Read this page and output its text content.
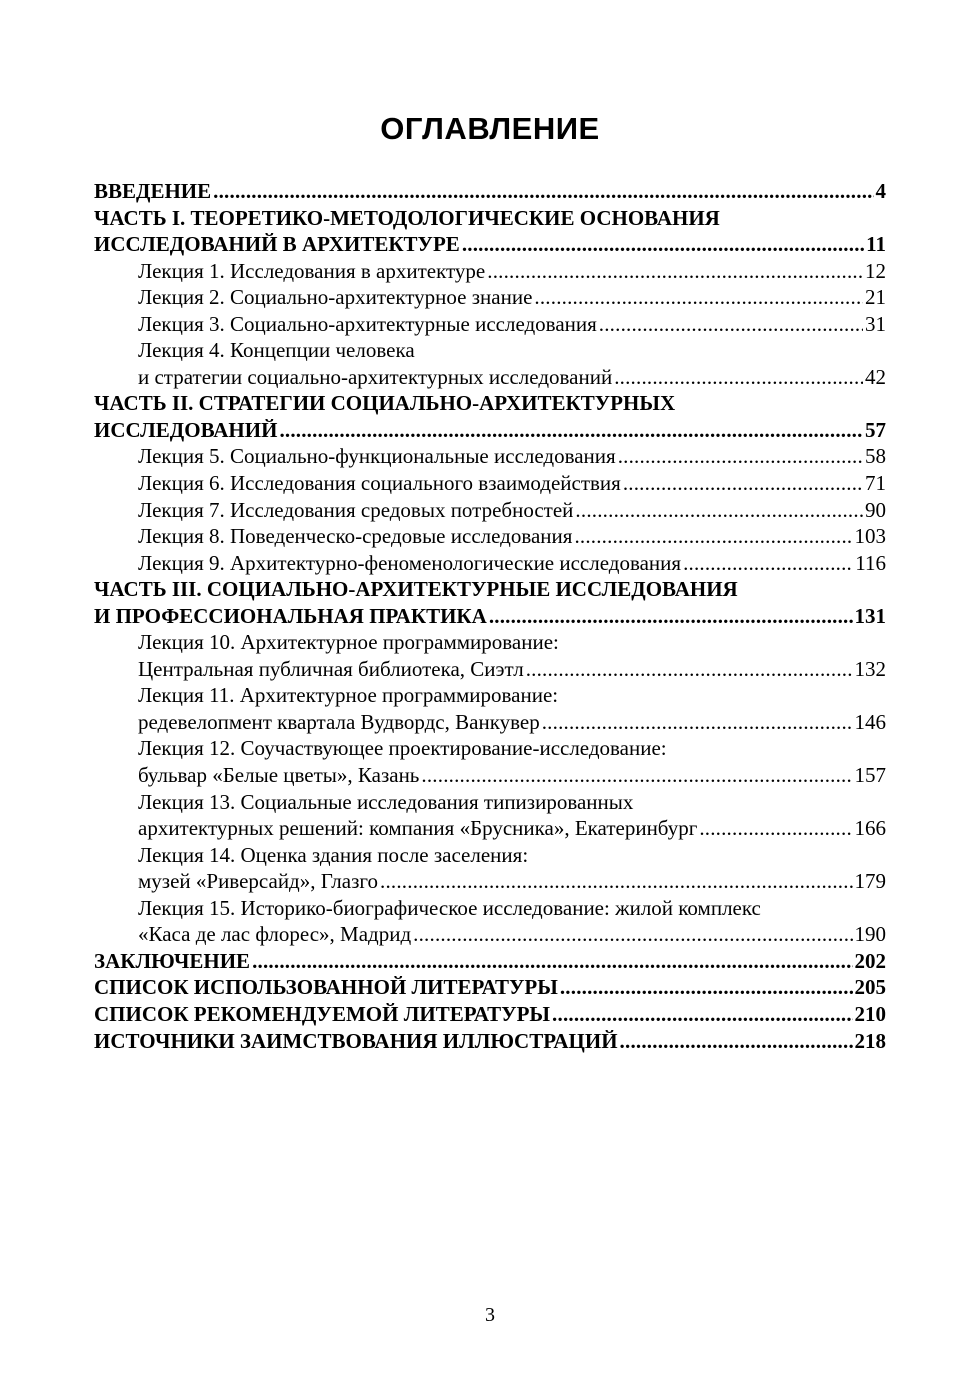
ОГЛАВЛЕНИЕ
ВВЕДЕНИЕ .....	4
ЧАСТЬ I. ТЕОРЕТИКО-МЕТОДОЛОГИЧЕСКИЕ ОСНОВАНИЯ
ИССЛЕДОВАНИЙ В АРХИТЕКТУРЕ .....	11
Лекция 1. Исследования в архитектуре .....	12
Лекция 2. Социально-архитектурное знание .....	21
Лекция 3. Социально-архитектурные исследования .....	31
Лекция 4. Концепции человека
и стратегии социально-архитектурных исследований .....	42
ЧАСТЬ II. СТРАТЕГИИ СОЦИАЛЬНО-АРХИТЕКТУРНЫХ
ИССЛЕДОВАНИЙ .....	57
Лекция 5. Социально-функциональные исследования .....	58
Лекция 6. Исследования социального взаимодействия .....	71
Лекция 7. Исследования средовых потребностей .....	90
Лекция 8. Поведенческо-средовые исследования .....	103
Лекция 9. Архитектурно-феноменологические исследования .....	116
ЧАСТЬ III. СОЦИАЛЬНО-АРХИТЕКТУРНЫЕ ИССЛЕДОВАНИЯ
И ПРОФЕССИОНАЛЬНАЯ ПРАКТИКА .....	131
Лекция 10. Архитектурное программирование:
Центральная публичная библиотека, Сиэтл .....	132
Лекция 11. Архитектурное программирование:
редевелопмент квартала Вудвордс, Ванкувер .....	146
Лекция 12. Соучаствующее проектирование-исследование:
бульвар «Белые цветы», Казань .....	157
Лекция 13. Социальные исследования типизированных
архитектурных решений: компания «Брусника», Екатеринбург .....	166
Лекция 14. Оценка здания после заселения:
музей «Риверсайд», Глазго .....	179
Лекция 15. Историко-биографическое исследование: жилой комплекс
«Каса де лас флорес», Мадрид .....	190
ЗАКЛЮЧЕНИЕ .....	202
СПИСОК ИСПОЛЬЗОВАННОЙ ЛИТЕРАТУРЫ .....	205
СПИСОК РЕКОМЕНДУЕМОЙ ЛИТЕРАТУРЫ .....	210
ИСТОЧНИКИ ЗАИМСТВОВАНИЯ ИЛЛЮСТРАЦИЙ .....	218
3
